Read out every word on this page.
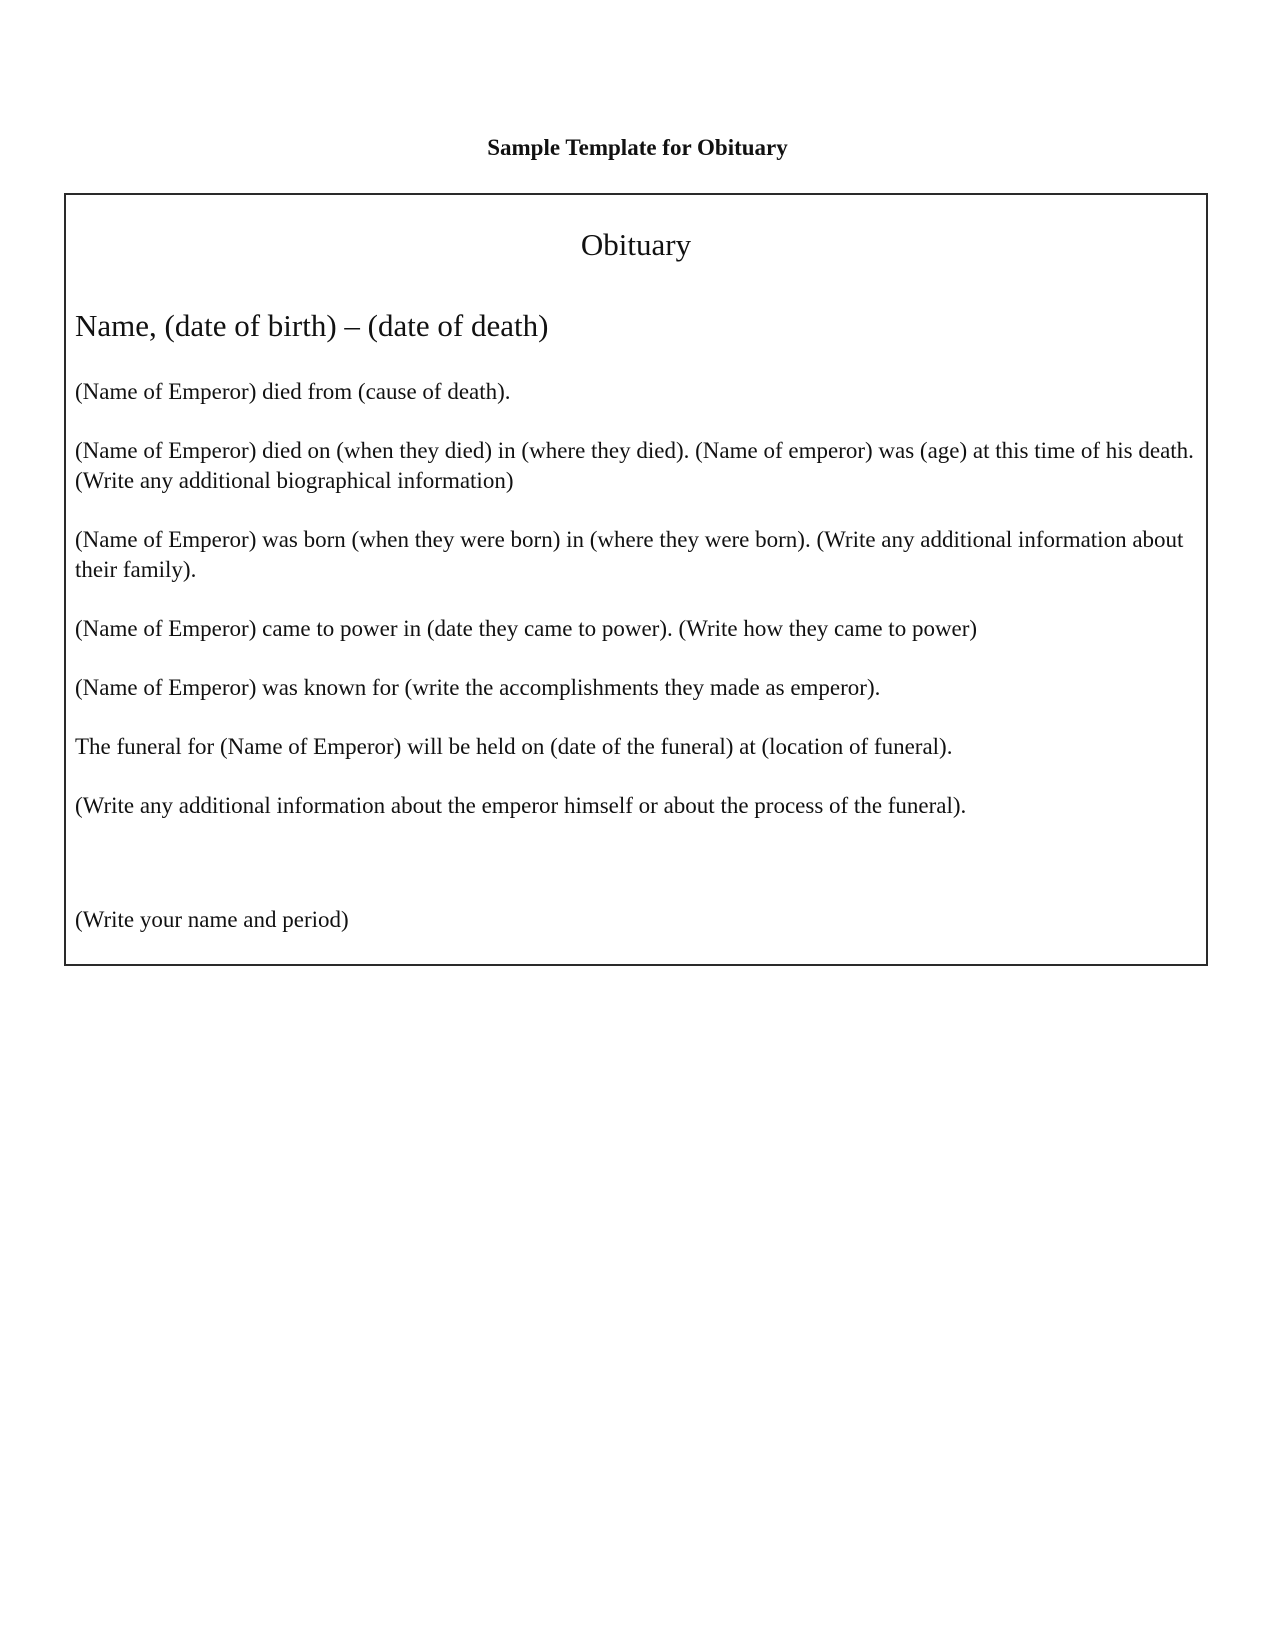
Sample Template for Obituary
Obituary
Name, (date of birth) – (date of death)

(Name of Emperor) died from (cause of death).

(Name of Emperor) died on (when they died) in (where they died). (Name of emperor) was (age) at this time of his death. (Write any additional biographical information)

(Name of Emperor) was born (when they were born) in (where they were born). (Write any additional information about their family).

(Name of Emperor) came to power in (date they came to power). (Write how they came to power)

(Name of Emperor) was known for (write the accomplishments they made as emperor).

The funeral for (Name of Emperor) will be held on (date of the funeral) at (location of funeral).

(Write any additional information about the emperor himself or about the process of the funeral).

(Write your name and period)
